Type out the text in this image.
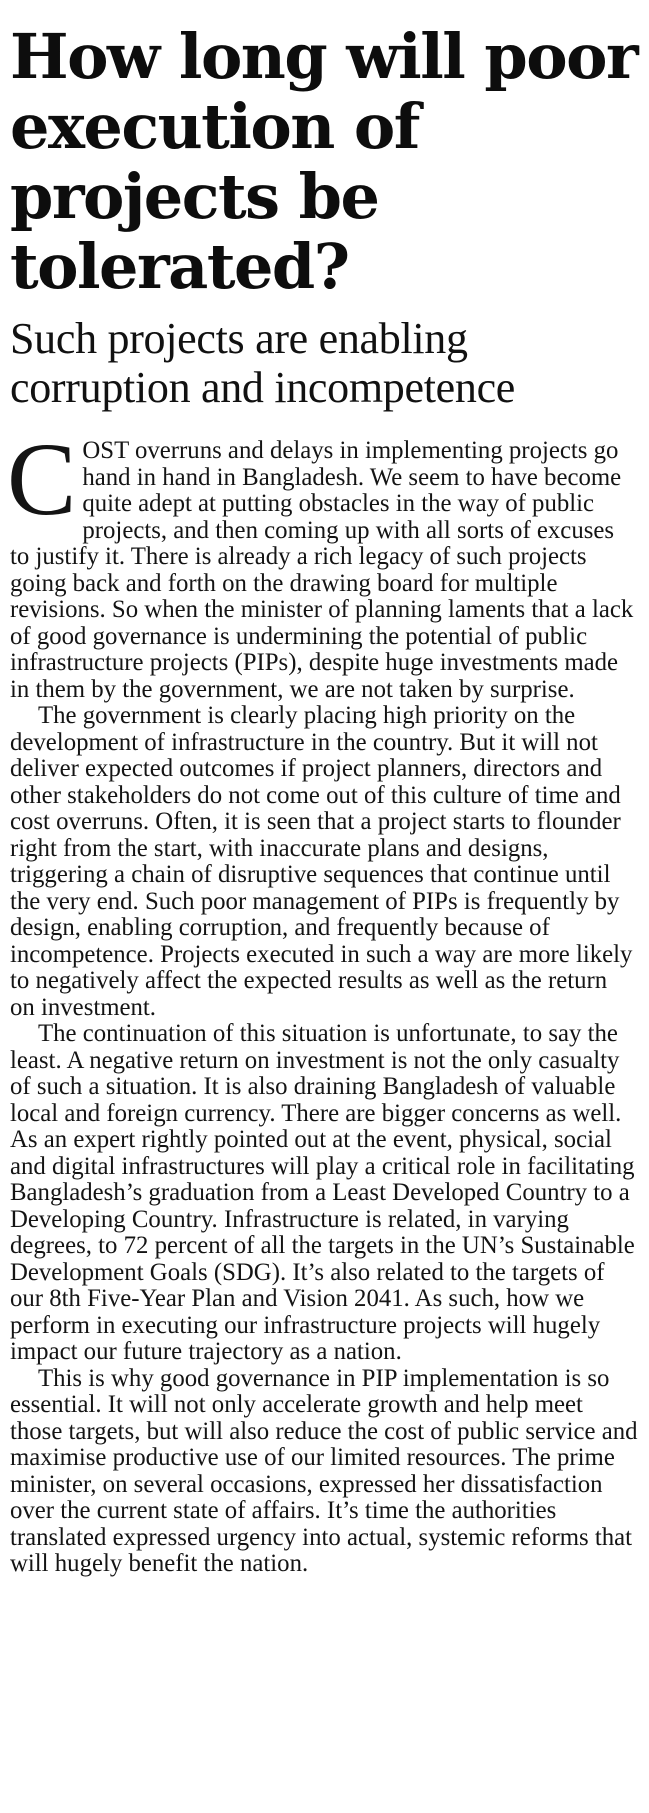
How long will poor execution of projects be tolerated?
Such projects are enabling corruption and incompetence

COST overruns and delays in implementing projects go hand in hand in Bangladesh. We seem to have become quite adept at putting obstacles in the way of public projects, and then coming up with all sorts of excuses to justify it. There is already a rich legacy of such projects going back and forth on the drawing board for multiple revisions. So when the minister of planning laments that a lack of good governance is undermining the potential of public infrastructure projects (PIPs), despite huge investments made in them by the government, we are not taken by surprise.

The government is clearly placing high priority on the development of infrastructure in the country. But it will not deliver expected outcomes if project planners, directors and other stakeholders do not come out of this culture of time and cost overruns. Often, it is seen that a project starts to flounder right from the start, with inaccurate plans and designs, triggering a chain of disruptive sequences that continue until the very end. Such poor management of PIPs is frequently by design, enabling corruption, and frequently because of incompetence. Projects executed in such a way are more likely to negatively affect the expected results as well as the return on investment.

The continuation of this situation is unfortunate, to say the least. A negative return on investment is not the only casualty of such a situation. It is also draining Bangladesh of valuable local and foreign currency. There are bigger concerns as well. As an expert rightly pointed out at the event, physical, social and digital infrastructures will play a critical role in facilitating Bangladesh’s graduation from a Least Developed Country to a Developing Country. Infrastructure is related, in varying degrees, to 72 percent of all the targets in the UN’s Sustainable Development Goals (SDG). It’s also related to the targets of our 8th Five-Year Plan and Vision 2041. As such, how we perform in executing our infrastructure projects will hugely impact our future trajectory as a nation.

This is why good governance in PIP implementation is so essential. It will not only accelerate growth and help meet those targets, but will also reduce the cost of public service and maximise productive use of our limited resources. The prime minister, on several occasions, expressed her dissatisfaction over the current state of affairs. It’s time the authorities translated expressed urgency into actual, systemic reforms that will hugely benefit the nation.
